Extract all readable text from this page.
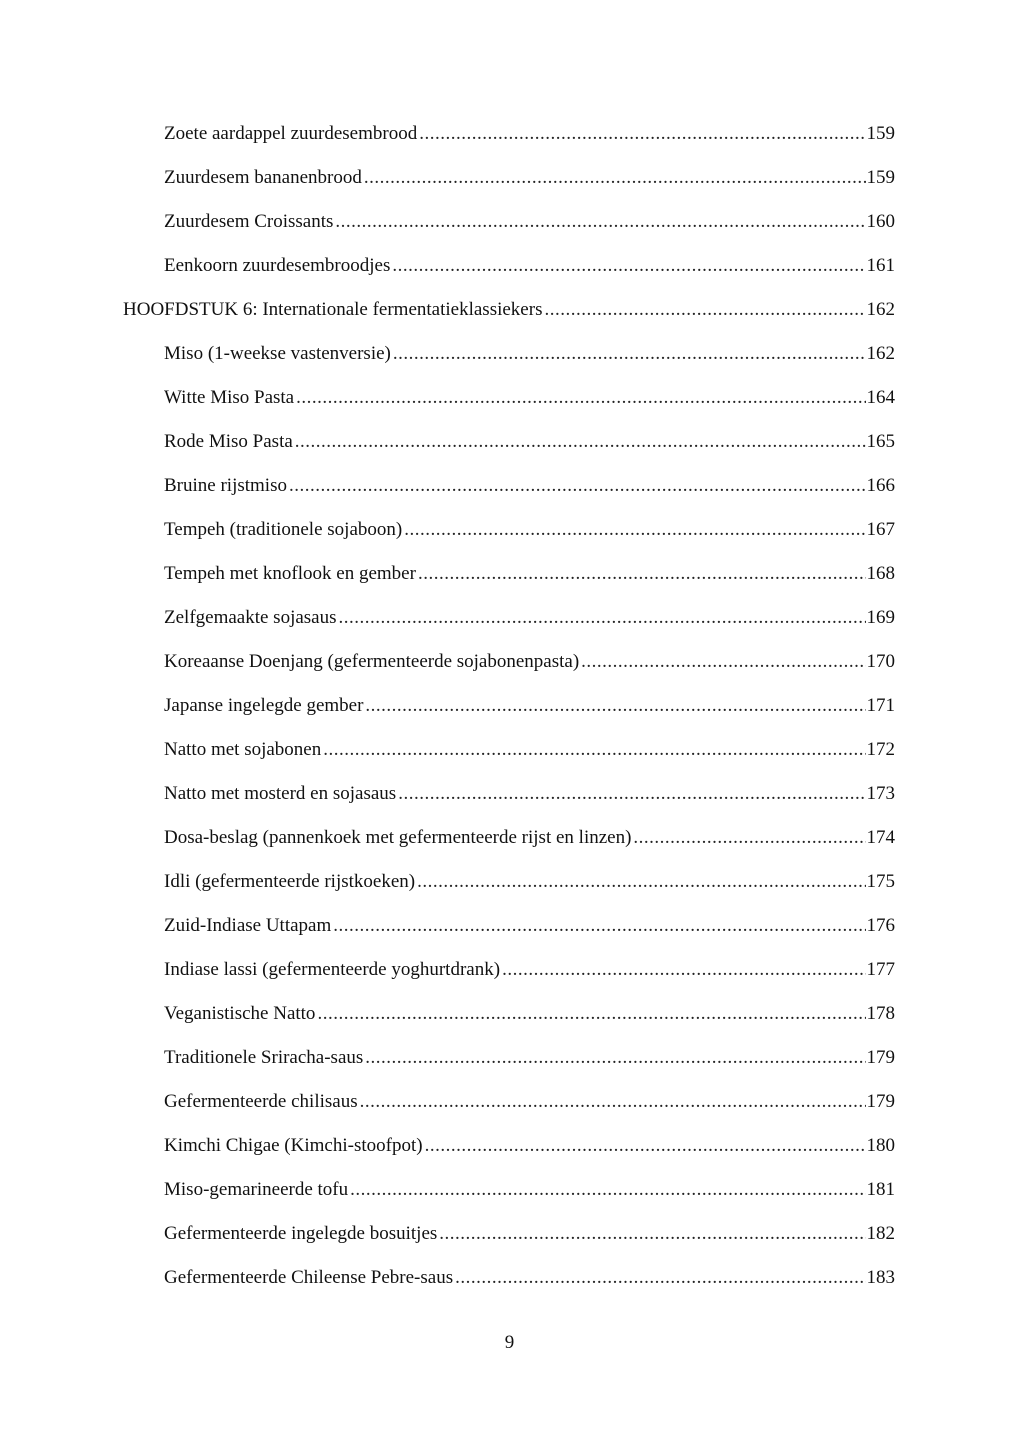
Zoete aardappel zuurdesembrood .....	159
Zuurdesem bananenbrood .....	159
Zuurdesem Croissants .....	160
Eenkoorn zuurdesembroodjes .....	161
HOOFDSTUK 6: Internationale fermentatieklassiekers .....	162
Miso (1-weekse vastenversie) .....	162
Witte Miso Pasta .....	164
Rode Miso Pasta .....	165
Bruine rijstmiso .....	166
Tempeh (traditionele sojaboon) .....	167
Tempeh met knoflook en gember .....	168
Zelfgemaakte sojasaus .....	169
Koreaanse Doenjang (gefermenteerde sojabonenpasta) .....	170
Japanse ingelegde gember .....	171
Natto met sojabonen .....	172
Natto met mosterd en sojasaus .....	173
Dosa-beslag (pannenkoek met gefermenteerde rijst en linzen) .....	174
Idli (gefermenteerde rijstkoeken) .....	175
Zuid-Indiase Uttapam .....	176
Indiase lassi (gefermenteerde yoghurtdrank) .....	177
Veganistische Natto .....	178
Traditionele Sriracha-saus .....	179
Gefermenteerde chilisaus .....	179
Kimchi Chigae (Kimchi-stoofpot) .....	180
Miso-gemarineerde tofu .....	181
Gefermenteerde ingelegde bosuitjes .....	182
Gefermenteerde Chileense Pebre-saus .....	183
9
